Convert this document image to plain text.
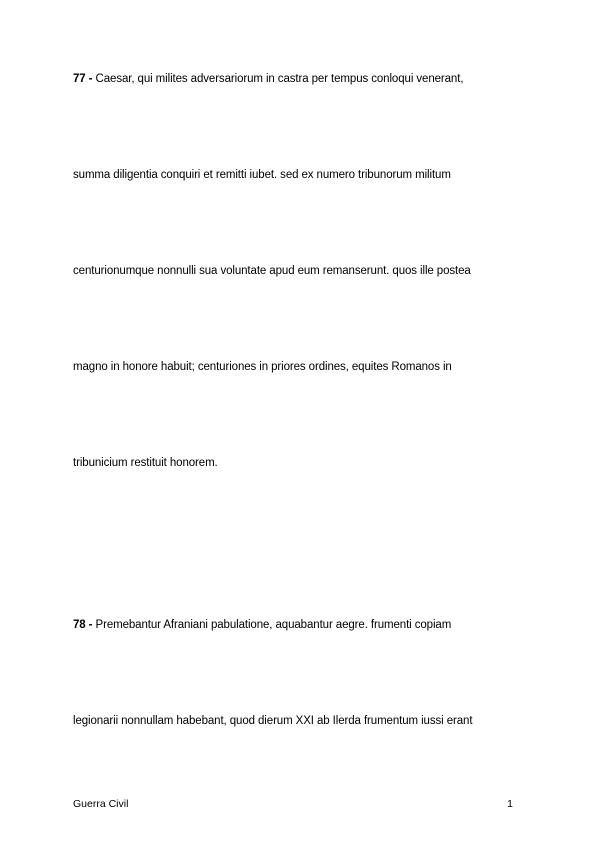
77 - Caesar, qui milites adversariorum in castra per tempus conloqui venerant,
summa diligentia conquiri et remitti iubet. sed ex numero tribunorum militum
centurionumque nonnulli sua voluntate apud eum remanserunt. quos ille postea
magno in honore habuit; centuriones in priores ordines, equites Romanos in
tribunicium restituit honorem.
78 - Premebantur Afraniani pabulatione, aquabantur aegre. frumenti copiam
legionarii nonnullam habebant, quod dierum XXI ab Ilerda frumentum iussi erant
Guerra Civil	1
